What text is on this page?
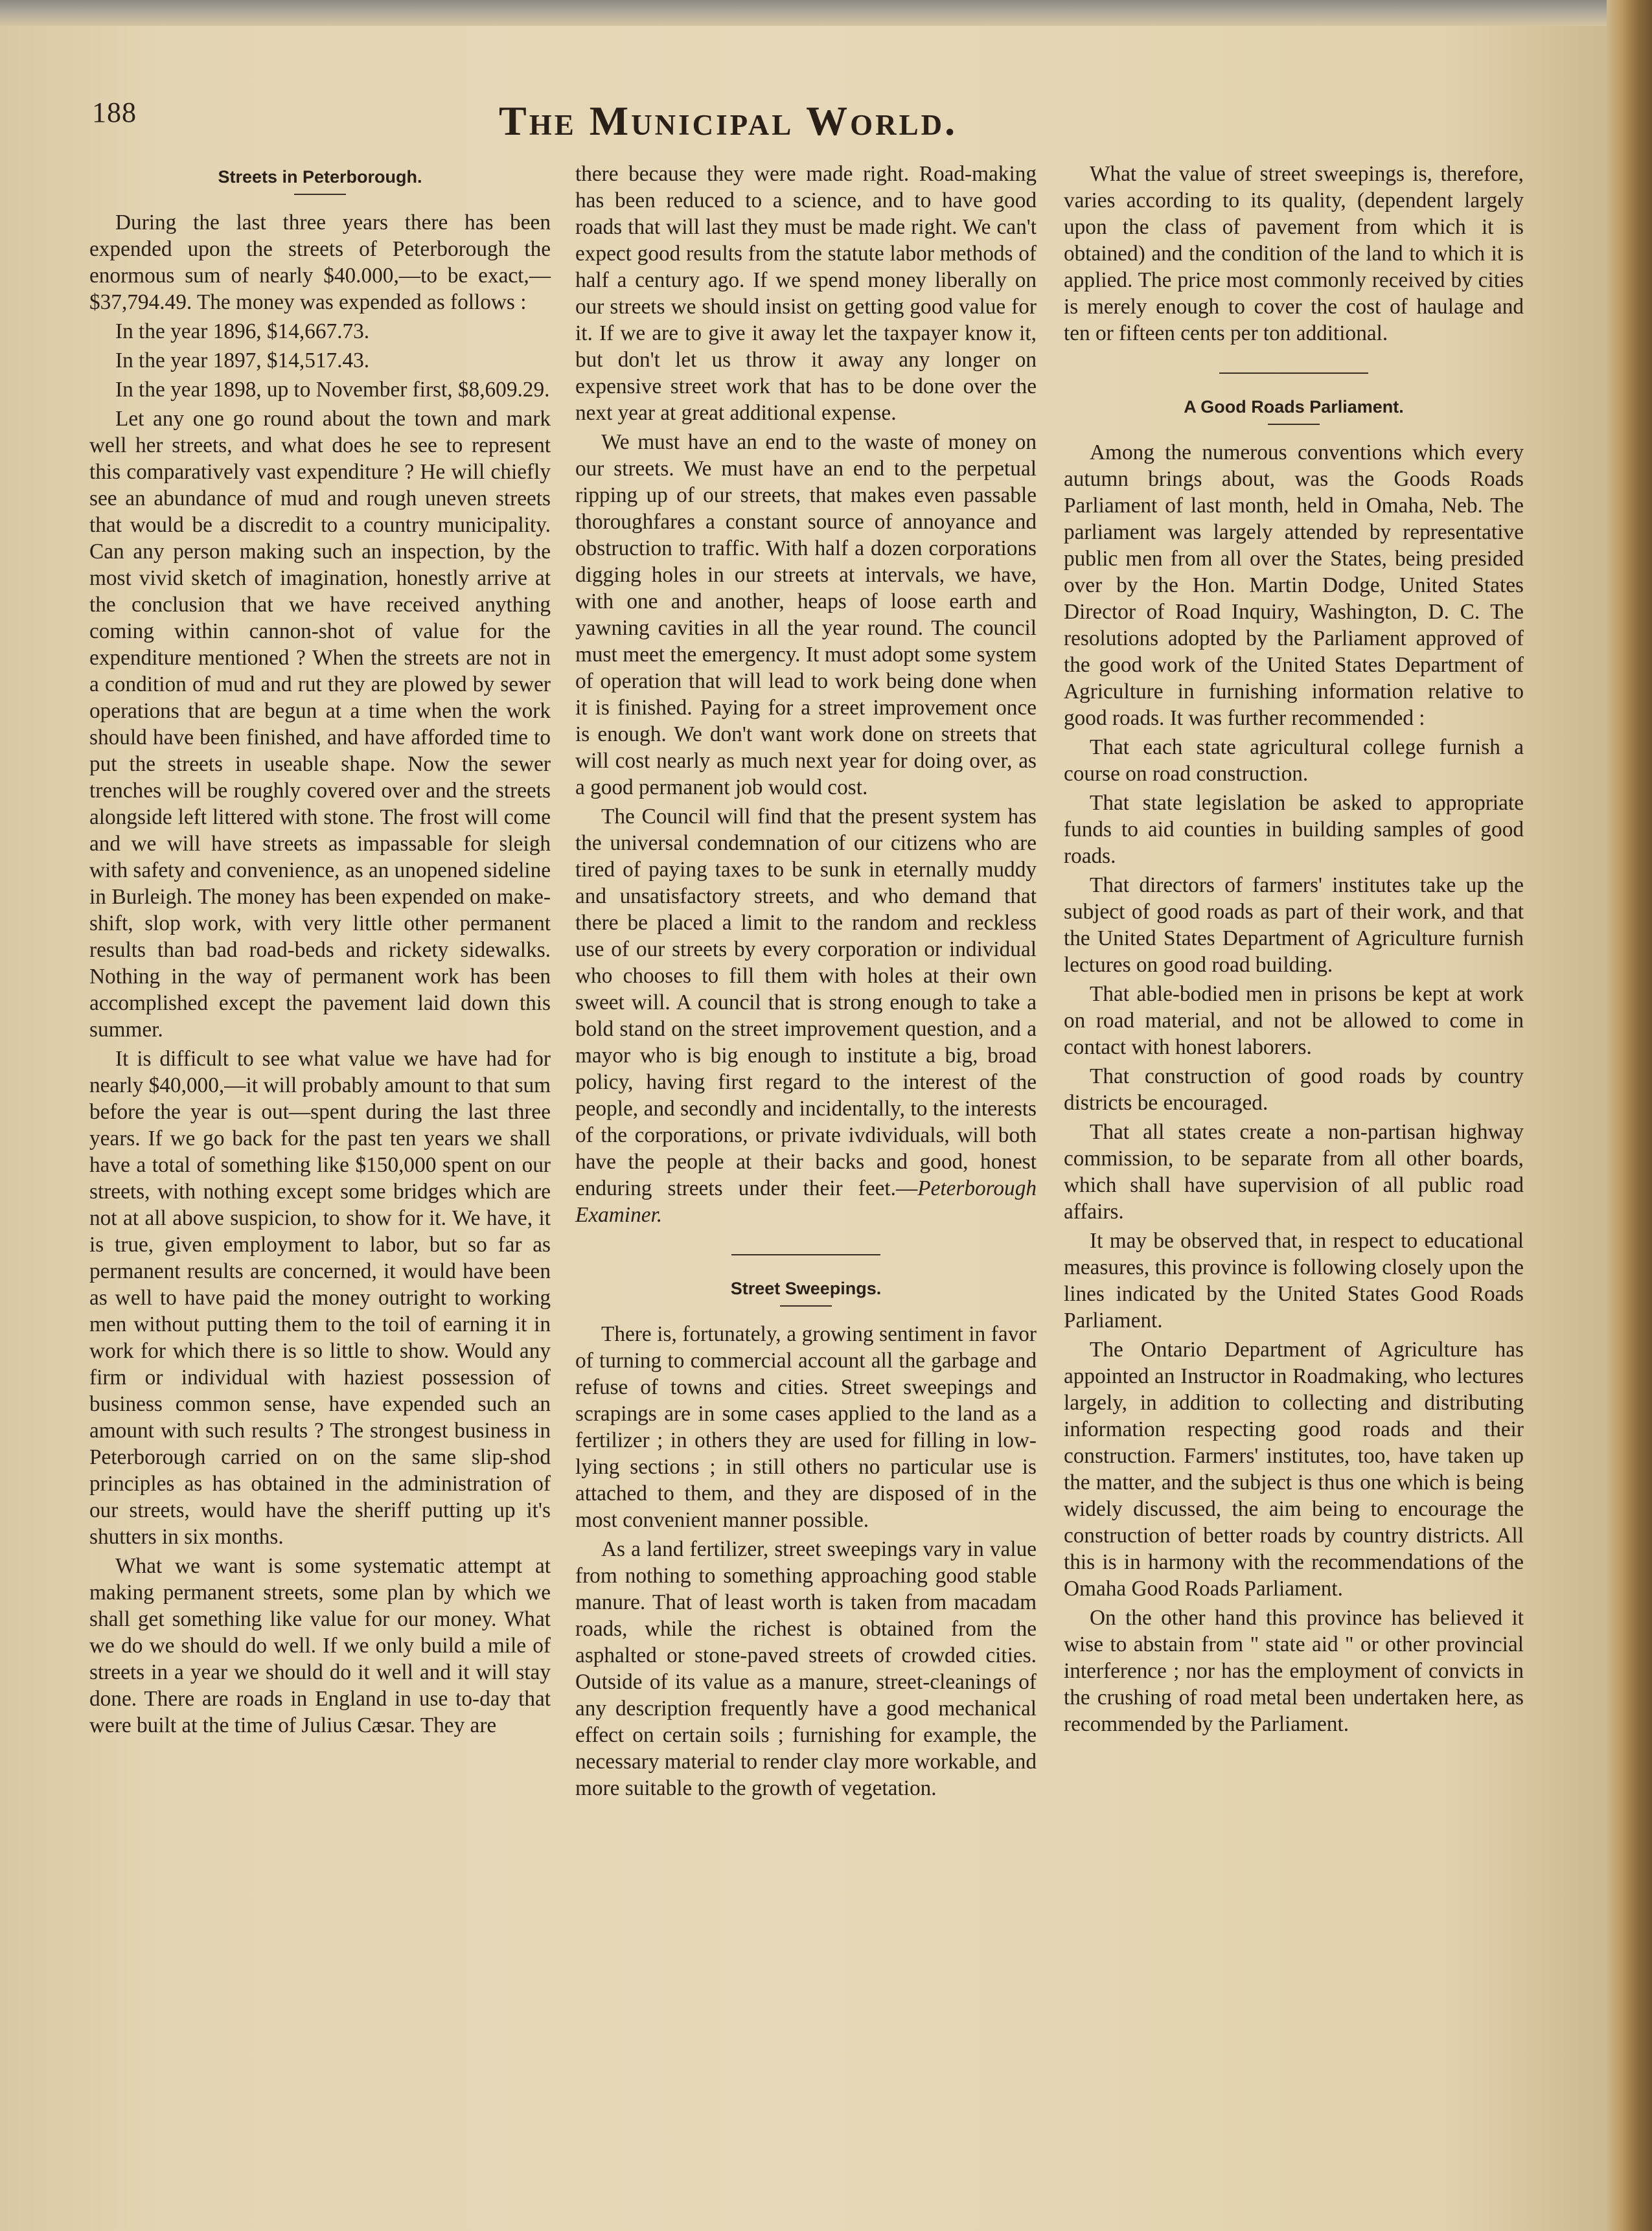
188	The Municipal World.
Streets in Peterborough.

During the last three years there has been expended upon the streets of Peterborough the enormous sum of nearly $40.000,—to be exact,—$37,794.49. The money was expended as follows :

In the year 1896, $14,667.73.

In the year 1897, $14,517.43.

In the year 1898, up to November first, $8,609.29.

Let any one go round about the town and mark well her streets, and what does he see to represent this comparatively vast expenditure ? He will chiefly see an abundance of mud and rough uneven streets that would be a discredit to a country municipality. Can any person making such an inspection, by the most vivid sketch of imagination, honestly arrive at the conclusion that we have received anything coming within cannon-shot of value for the expenditure mentioned ? When the streets are not in a condition of mud and rut they are plowed by sewer operations that are begun at a time when the work should have been finished, and have afforded time to put the streets in useable shape. Now the sewer trenches will be roughly covered over and the streets alongside left littered with stone. The frost will come and we will have streets as impassable for sleigh with safety and convenience, as an unopened sideline in Burleigh. The money has been expended on make-shift, slop work, with very little other permanent results than bad road-beds and rickety sidewalks. Nothing in the way of permanent work has been accomplished except the pavement laid down this summer.

It is difficult to see what value we have had for nearly $40,000,—it will probably amount to that sum before the year is out—spent during the last three years. If we go back for the past ten years we shall have a total of something like $150,000 spent on our streets, with nothing except some bridges which are not at all above suspicion, to show for it. We have, it is true, given employment to labor, but so far as permanent results are concerned, it would have been as well to have paid the money outright to working men without putting them to the toil of earning it in work for which there is so little to show. Would any firm or individual with haziest possession of business common sense, have expended such an amount with such results ? The strongest business in Peterborough carried on on the same slip-shod principles as has obtained in the administration of our streets, would have the sheriff putting up it's shutters in six months.

What we want is some systematic attempt at making permanent streets, some plan by which we shall get something like value for our money. What we do we should do well. If we only build a mile of streets in a year we should do it well and it will stay done. There are roads in England in use to-day that were built at the time of Julius Cæsar. They are

there because they were made right. Road-making has been reduced to a science, and to have good roads that will last they must be made right. We can't expect good results from the statute labor methods of half a century ago. If we spend money liberally on our streets we should insist on getting good value for it. If we are to give it away let the taxpayer know it, but don't let us throw it away any longer on expensive street work that has to be done over the next year at great additional expense.

We must have an end to the waste of money on our streets. We must have an end to the perpetual ripping up of our streets, that makes even passable thoroughfares a constant source of annoyance and obstruction to traffic. With half a dozen corporations digging holes in our streets at intervals, we have, with one and another, heaps of loose earth and yawning cavities in all the year round. The council must meet the emergency. It must adopt some system of operation that will lead to work being done when it is finished. Paying for a street improvement once is enough. We don't want work done on streets that will cost nearly as much next year for doing over, as a good permanent job would cost.

The Council will find that the present system has the universal condemnation of our citizens who are tired of paying taxes to be sunk in eternally muddy and unsatisfactory streets, and who demand that there be placed a limit to the random and reckless use of our streets by every corporation or individual who chooses to fill them with holes at their own sweet will. A council that is strong enough to take a bold stand on the street improvement question, and a mayor who is big enough to institute a big, broad policy, having first regard to the interest of the people, and secondly and incidentally, to the interests of the corporations, or private ivdividuals, will both have the people at their backs and good, honest enduring streets under their feet.—Peterborough Examiner.

Street Sweepings.

There is, fortunately, a growing sentiment in favor of turning to commercial account all the garbage and refuse of towns and cities. Street sweepings and scrapings are in some cases applied to the land as a fertilizer ; in others they are used for filling in low-lying sections ; in still others no particular use is attached to them, and they are disposed of in the most convenient manner possible.

As a land fertilizer, street sweepings vary in value from nothing to something approaching good stable manure. That of least worth is taken from macadam roads, while the richest is obtained from the asphalted or stone-paved streets of crowded cities. Outside of its value as a manure, street-cleanings of any description frequently have a good mechanical effect on certain soils ; furnishing for example, the necessary material to render clay more workable, and more suitable to the growth of vegetation.

What the value of street sweepings is, therefore, varies according to its quality, (dependent largely upon the class of pavement from which it is obtained) and the condition of the land to which it is applied. The price most commonly received by cities is merely enough to cover the cost of haulage and ten or fifteen cents per ton additional.

A Good Roads Parliament.

Among the numerous conventions which every autumn brings about, was the Goods Roads Parliament of last month, held in Omaha, Neb. The parliament was largely attended by representative public men from all over the States, being presided over by the Hon. Martin Dodge, United States Director of Road Inquiry, Washington, D. C. The resolutions adopted by the Parliament approved of the good work of the United States Department of Agriculture in furnishing information relative to good roads. It was further recommended :

That each state agricultural college furnish a course on road construction.

That state legislation be asked to appropriate funds to aid counties in building samples of good roads.

That directors of farmers' institutes take up the subject of good roads as part of their work, and that the United States Department of Agriculture furnish lectures on good road building.

That able-bodied men in prisons be kept at work on road material, and not be allowed to come in contact with honest laborers.

That construction of good roads by country districts be encouraged.

That all states create a non-partisan highway commission, to be separate from all other boards, which shall have supervision of all public road affairs.

It may be observed that, in respect to educational measures, this province is following closely upon the lines indicated by the United States Good Roads Parliament.

The Ontario Department of Agriculture has appointed an Instructor in Roadmaking, who lectures largely, in addition to collecting and distributing information respecting good roads and their construction. Farmers' institutes, too, have taken up the matter, and the subject is thus one which is being widely discussed, the aim being to encourage the construction of better roads by country districts. All this is in harmony with the recommendations of the Omaha Good Roads Parliament.

On the other hand this province has believed it wise to abstain from " state aid " or other provincial interference ; nor has the employment of convicts in the crushing of road metal been undertaken here, as recommended by the Parliament.
